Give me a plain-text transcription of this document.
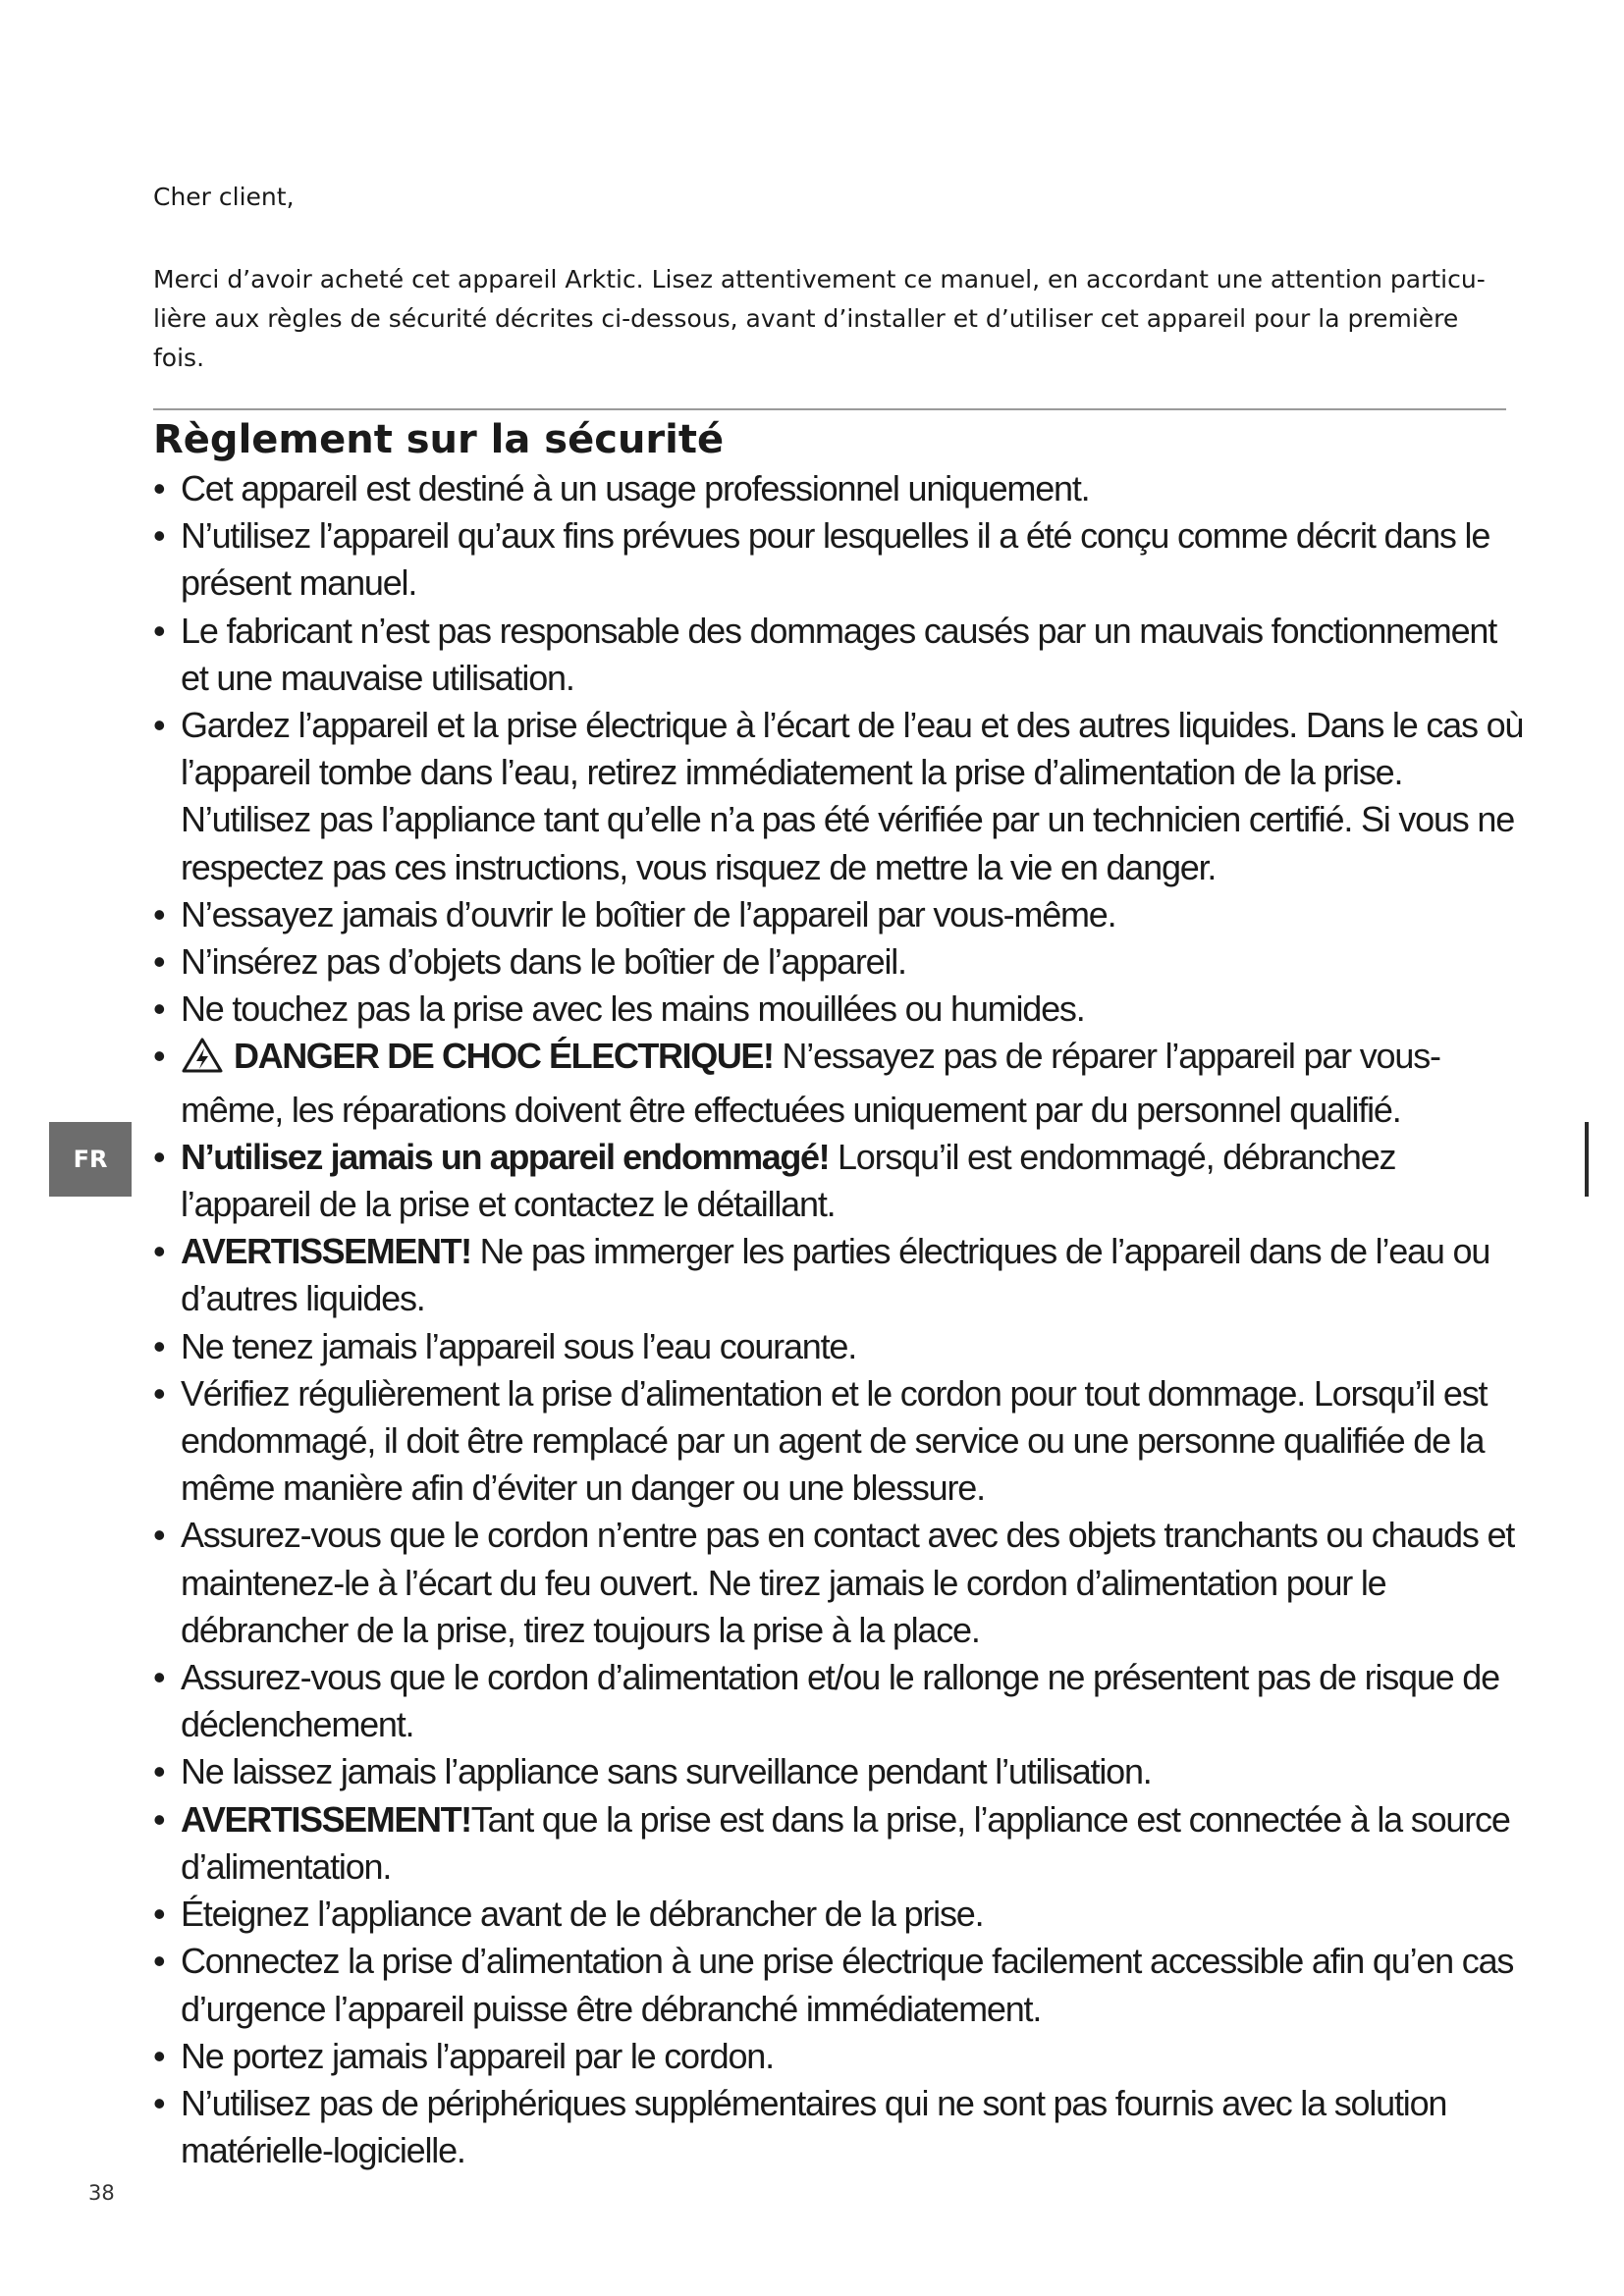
Cher client,
Merci d’avoir acheté cet appareil Arktic. Lisez attentivement ce manuel, en accordant une attention particu-lière aux règles de sécurité décrites ci-dessous, avant d’installer et d’utiliser cet appareil pour la première fois.
Règlement sur la sécurité
• Cet appareil est destiné à un usage professionnel uniquement.
• N’utilisez l’appareil qu’aux fins prévues pour lesquelles il a été conçu comme décrit dans le présent manuel.
• Le fabricant n’est pas responsable des dommages causés par un mauvais fonctionnement et une mauvaise utilisation.
• Gardez l’appareil et la prise électrique à l’écart de l’eau et des autres liquides. Dans le cas où l’appareil tombe dans l’eau, retirez immédiatement la prise d’alimentation de la prise. N’utilisez pas l’appliance tant qu’elle n’a pas été vérifiée par un technicien certifié. Si vous ne respectez pas ces instructions, vous risquez de mettre la vie en danger.
• N’essayez jamais d’ouvrir le boîtier de l’appareil par vous-même.
• N’insérez pas d’objets dans le boîtier de l’appareil.
• Ne touchez pas la prise avec les mains mouillées ou humides.
• DANGER DE CHOC ÉLECTRIQUE! N’essayez pas de réparer l’appareil par vous-même, les réparations doivent être effectuées uniquement par du personnel qualifié.
• N’utilisez jamais un appareil endommagé! Lorsqu’il est endommagé, débranchez l’appareil de la prise et contactez le détaillant.
• AVERTISSEMENT! Ne pas immerger les parties électriques de l’appareil dans de l’eau ou d’autres liquides.
• Ne tenez jamais l’appareil sous l’eau courante.
• Vérifiez régulièrement la prise d’alimentation et le cordon pour tout dommage. Lorsqu’il est endommagé, il doit être remplacé par un agent de service ou une personne qualifiée de la même manière afin d’éviter un danger ou une blessure.
• Assurez-vous que le cordon n’entre pas en contact avec des objets tranchants ou chauds et maintenez-le à l’écart du feu ouvert. Ne tirez jamais le cordon d’alimentation pour le débrancher de la prise, tirez toujours la prise à la place.
• Assurez-vous que le cordon d’alimentation et/ou le rallonge ne présentent pas de risque de déclenchement.
• Ne laissez jamais l’appliance sans surveillance pendant l’utilisation.
• AVERTISSEMENT!Tant que la prise est dans la prise, l’appliance est connectée à la source d’alimentation.
• Éteignez l’appliance avant de le débrancher de la prise.
• Connectez la prise d’alimentation à une prise électrique facilement accessible afin qu’en cas d’urgence l’appareil puisse être débranché immédiatement.
• Ne portez jamais l’appareil par le cordon.
• N’utilisez pas de périphériques supplémentaires qui ne sont pas fournis avec la solution matérielle-logicielle.
FR
38
